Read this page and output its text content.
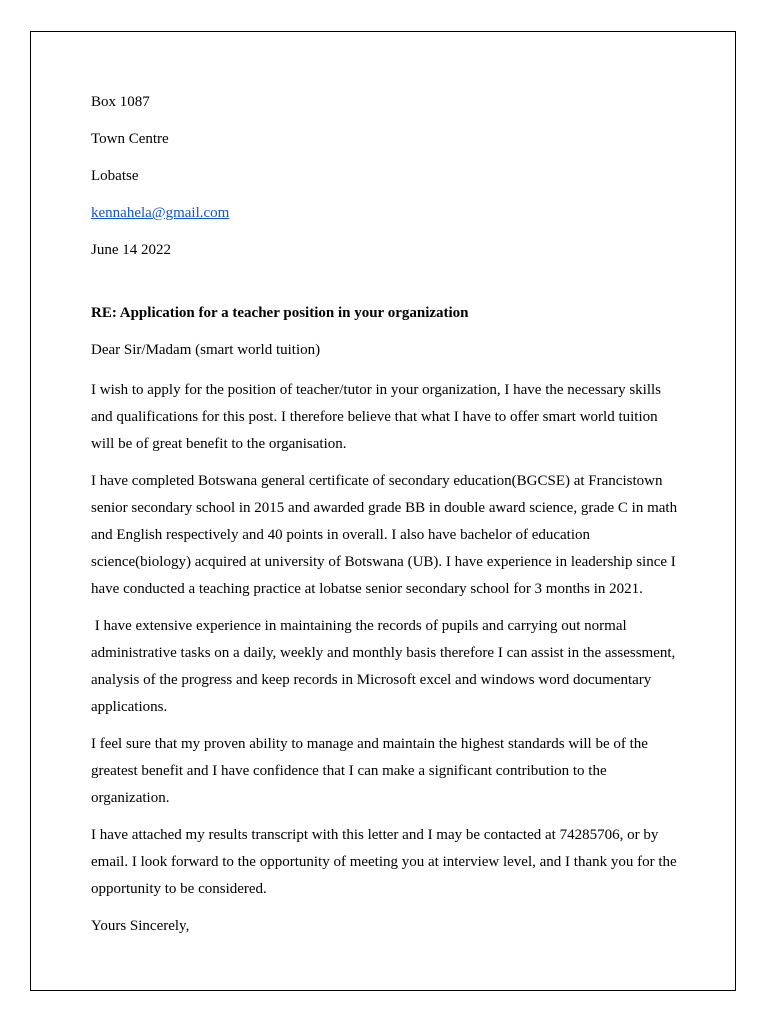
Box 1087

Town Centre

Lobatse

kennahela@gmail.com

June 14 2022

RE: Application for a teacher position in your organization

Dear Sir/Madam (smart world tuition)

I wish to apply for the position of teacher/tutor in your organization, I have the necessary skills and qualifications for this post. I therefore believe that what I have to offer smart world tuition will be of great benefit to the organisation.

I have completed Botswana general certificate of secondary education(BGCSE) at Francistown senior secondary school in 2015 and awarded grade BB in double award science, grade C in math and English respectively and 40 points in overall. I also have bachelor of education science(biology) acquired at university of Botswana (UB). I have experience in leadership since I have conducted a teaching practice at lobatse senior secondary school for 3 months in 2021.

I have extensive experience in maintaining the records of pupils and carrying out normal administrative tasks on a daily, weekly and monthly basis therefore I can assist in the assessment, analysis of the progress and keep records in Microsoft excel and windows word documentary applications.

I feel sure that my proven ability to manage and maintain the highest standards will be of the greatest benefit and I have confidence that I can make a significant contribution to the organization.

I have attached my results transcript with this letter and I may be contacted at 74285706, or by email. I look forward to the opportunity of meeting you at interview level, and I thank you for the opportunity to be considered.

Yours Sincerely,
